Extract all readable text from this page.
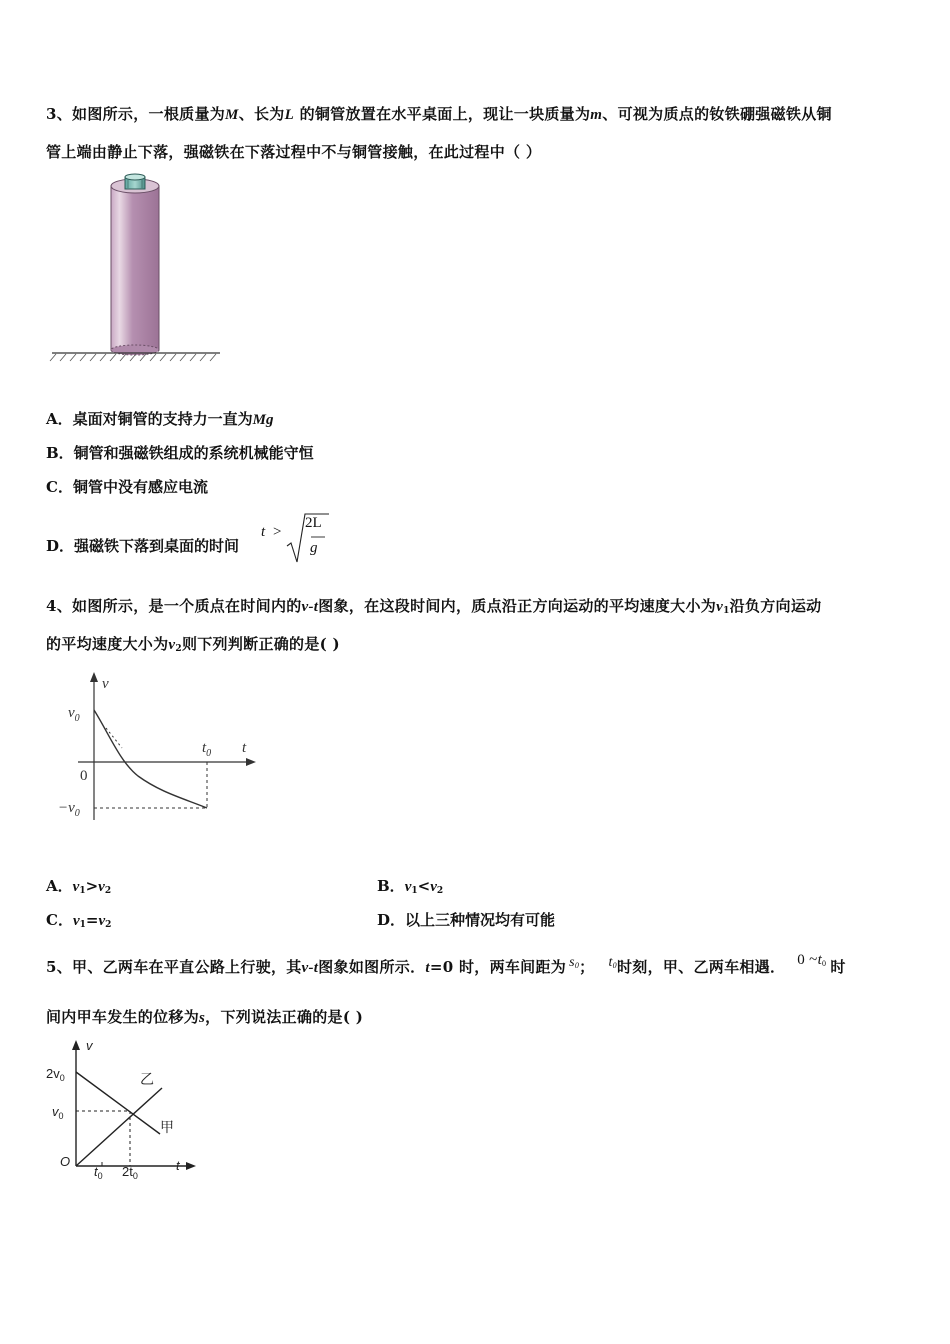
3、如图所示，一根质量为M、长为L 的铜管放置在水平桌面上，现让一块质量为m、可视为质点的钕铁硼强磁铁从铜
管上端由静止下落，强磁铁在下落过程中不与铜管接触，在此过程中（ ）
A．桌面对铜管的支持力一直为Mg
B．铜管和强磁铁组成的系统机械能守恒
C．铜管中没有感应电流
D．强磁铁下落到桌面的时间
t >
2L
g
4、如图所示，是一个质点在时间内的v-t图象，在这段时间内，质点沿正方向运动的平均速度大小为$v_1$沿负方向运动
的平均速度大小为$v_2$则下列判断正确的是( )
v
t
0
$v_0$
$-v_0$
$t_0$
A．$v_1>v_2$	B．$v_1<v_2$
C．$v_1=v_2$	D．以上三种情况均有可能
5、甲、乙两车在平直公路上行驶，其v-t图象如图所示．t=0 时，两车间距为 $s_0$； $t_0$时刻，甲、乙两车相遇． 0 $\sim t_0$ 时
间内甲车发生的位移为s，下列说法正确的是( )
v
t
O
$2v_0$
$v_0$
$t_0$ $2t_0$
乙
甲
